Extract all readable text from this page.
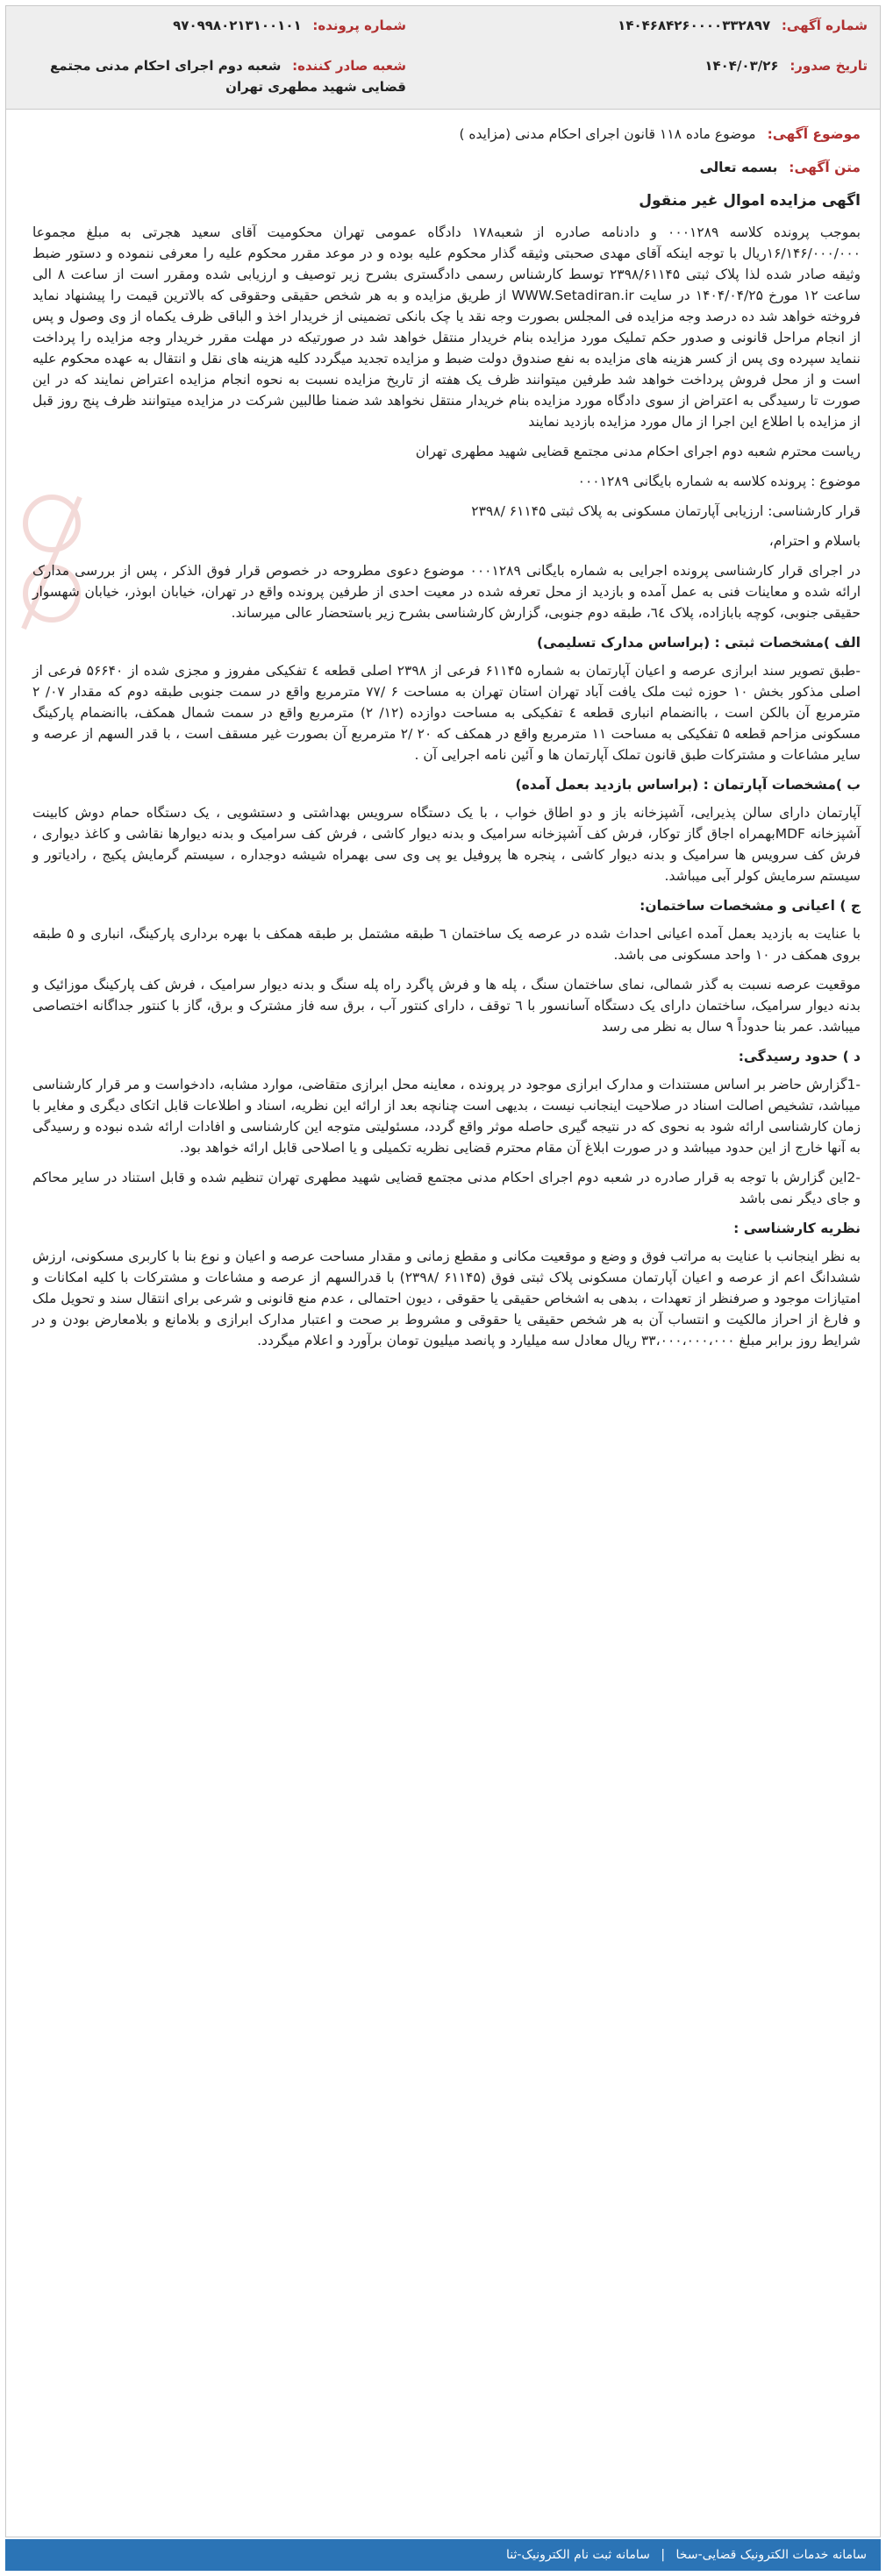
شماره آگهی: ۱۴۰۴۶۸۴۲۶۰۰۰۰۳۳۲۸۹۷
شماره پرونده: ۹۷۰۹۹۸۰۲۱۳۱۰۰۱۰۱
تاریخ صدور: ۱۴۰۴/۰۳/۲۶
شعبه صادر کننده: شعبه دوم اجرای احکام مدنی مجتمع قضایی شهید مطهری تهران
موضوع آگهی: موضوع ماده ۱۱۸ قانون اجرای احکام مدنی (مزایده )
متن آگهی: بسمه تعالی
اگهی مزایده اموال غیر منقول

بموجب پرونده کلاسه ۰۰۰۱۲۸۹ و دادنامه صادره از شعبه۱۷۸ دادگاه عمومی تهران محکومیت آقای سعید هجرتی به مبلغ مجموعا ۱۶/۱۴۶/۰۰۰/۰۰۰ریال با توجه اینکه آقای مهدی صحبتی وثیقه گذار محکوم علیه بوده و در موعد مقرر محکوم علیه را معرفی ننموده و دستور ضبط وثیقه صادر شده لذا پلاک ثبتی ۲۳۹۸/۶۱۱۴۵ توسط کارشناس رسمی دادگستری بشرح زیر توصیف و ارزیابی شده ومقرر است از ساعت ۸ الی ساعت ۱۲ مورخ ۱۴۰۴/۰۴/۲۵ در سایت WWW.Setadiran.ir از طریق مزایده و به هر شخص حقیقی وحقوقی که بالاترین قیمت را پیشنهاد نماید فروخته خواهد شد ده درصد وجه مزایده فی المجلس بصورت وجه نقد یا چک بانکی تضمینی از خریدار اخذ و الباقی ظرف یکماه از وی وصول و پس از انجام مراحل قانونی و صدور حکم تملیک مورد مزایده بنام خریدار منتقل خواهد شد در صورتیکه در مهلت مقرر خریدار وجه مزایده را پرداخت ننماید سپرده وی پس از کسر هزینه های مزایده به نفع صندوق دولت ضبط و مزایده تجدید میگردد کلیه هزینه های نقل و انتقال به عهده محکوم علیه است و از محل فروش پرداخت خواهد شد طرفین میتوانند ظرف یک هفته از تاریخ مزایده نسبت به نحوه انجام مزایده اعتراض نمایند که در این صورت تا رسیدگی به اعتراض از سوی دادگاه مورد مزایده بنام خریدار منتقل نخواهد شد ضمنا طالبین شرکت در مزایده میتوانند ظرف پنج روز قبل از مزایده با اطلاع این اجرا از مال مورد مزایده بازدید نمایند

ریاست محترم شعبه دوم اجرای احکام مدنی مجتمع قضایی شهید مطهری تهران

موضوع : پرونده کلاسه به شماره بایگانی ۰۰۰۱۲۸۹

قرار کارشناسی: ارزیابی آپارتمان مسکونی به پلاک ثبتی ۶۱۱۴۵ /۲۳۹۸

باسلام و احترام،

در اجرای قرار کارشناسی پرونده اجرایی به شماره بایگانی ۰۰۰۱۲۸۹ موضوع دعوی مطروحه در خصوص قرار فوق الذکر ، پس از بررسی مدارک ارائه شده و معاینات فنی به عمل آمده و بازدید از محل تعرفه شده در معیت احدی از طرفین پرونده واقع در تهران، خیابان ابوذر، خیابان شهسوار حقیقی جنوبی، کوچه بابازاده، پلاک ٦٤، طبقه دوم جنوبی، گزارش کارشناسی بشرح زیر باستحضار عالی میرساند.

الف )مشخصات ثبتی : (براساس مدارک تسلیمی)

-طبق تصویر سند ابرازی عرصه و اعیان آپارتمان به شماره ۶۱۱۴۵ فرعی از ۲۳۹۸ اصلی قطعه ٤ تفکیکی مفروز و مجزی شده از ۵۶۶۴۰ فرعی از اصلی مذکور بخش ۱۰ حوزه ثبت ملک یافت آباد تهران استان تهران به مساحت ۶ /۷۷ مترمربع واقع در سمت جنوبی طبقه دوم که مقدار ۰۷/ ۲ مترمربع آن بالکن است ، باانضمام انباری قطعه ٤ تفکیکی به مساحت دوازده (۱۲/ ۲) مترمربع واقع در سمت شمال همکف، باانضمام پارکینگ مسکونی مزاحم قطعه ۵ تفکیکی به مساحت ۱۱ مترمربع واقع در همکف که ۲۰ /۲ مترمربع آن بصورت غیر مسقف است ، با قدر السهم از عرصه و سایر مشاعات و مشترکات طبق قانون تملک آپارتمان ها و آئین نامه اجرایی آن .

ب )مشخصات آپارتمان : (براساس بازدید بعمل آمده)

آپارتمان دارای سالن پذیرایی، آشپزخانه باز و دو اطاق خواب ، با یک دستگاه سرویس بهداشتی و دستشویی ، یک دستگاه حمام دوش کابینت آشپزخانه MDFبهمراه اجاق گاز توکار، فرش کف آشپزخانه سرامیک و بدنه دیوار کاشی ، فرش کف سرامیک و بدنه دیوارها نقاشی و کاغذ دیواری ، فرش کف سرویس ها سرامیک و بدنه دیوار کاشی ، پنجره ها پروفیل یو پی وی سی بهمراه شیشه دوجداره ، سیستم گرمایش پکیج ، رادیاتور و سیستم سرمایش کولر آبی میباشد.

ج ) اعیانی و مشخصات ساختمان:

با عنایت به بازدید بعمل آمده اعیانی احداث شده در عرصه یک ساختمان ٦ طبقه مشتمل بر طبقه همکف با بهره برداری پارکینگ، انباری و ۵ طبقه بروی همکف در ۱۰ واحد مسکونی می باشد.

موقعیت عرصه نسبت به گذر شمالی، نمای ساختمان سنگ ، پله ها و فرش پاگرد راه پله سنگ و بدنه دیوار سرامیک ، فرش کف پارکینگ موزائیک و بدنه دیوار سرامیک، ساختمان دارای یک دستگاه آسانسور با ٦ توقف ، دارای کنتور آب ، برق سه فاز مشترک و برق، گاز با کنتور جداگانه اختصاصی میباشد. عمر بنا حدوداً ۹ سال به نظر می رسد

د ) حدود رسیدگی:

-1گزارش حاضر بر اساس مستندات و مدارک ابرازی موجود در پرونده ، معاینه محل ابرازی متقاضی، موارد مشابه، دادخواست و مر قرار کارشناسی میباشد، تشخیص اصالت اسناد در صلاحیت اینجانب نیست ، بدیهی است چنانچه بعد از ارائه این نظریه، اسناد و اطلاعات قابل اتکای دیگری و مغایر با زمان کارشناسی ارائه شود به نحوی که در نتیجه گیری حاصله موثر واقع گردد، مسئولیتی متوجه این کارشناسی و افادات ارائه شده نبوده و رسیدگی به آنها خارج از این حدود میباشد و در صورت ابلاغ آن مقام محترم قضایی نظریه تکمیلی و یا اصلاحی قابل ارائه خواهد بود.

-2این گزارش با توجه به قرار صادره در شعبه دوم اجرای احکام مدنی مجتمع قضایی شهید مطهری تهران تنظیم شده و قابل استناد در سایر محاکم و جای دیگر نمی باشد

نظریه کارشناسی :

به نظر اینجانب با عنایت به مراتب فوق و وضع و موقعیت مکانی و مقطع زمانی و مقدار مساحت عرصه و اعیان و نوع بنا با کاربری مسکونی، ارزش ششدانگ اعم از عرصه و اعیان آپارتمان مسکونی پلاک ثبتی فوق (۶۱۱۴۵ /۲۳۹۸) با قدرالسهم از عرصه و مشاعات و مشترکات با کلیه امکانات و امتیازات موجود و صرفنظر از تعهدات ، بدهی به اشخاص حقیقی یا حقوقی ، دیون احتمالی ، عدم منع قانونی و شرعی برای انتقال سند و تحویل ملک و فارغ از احراز مالکیت و انتساب آن به هر شخص حقیقی یا حقوقی و مشروط بر صحت و اعتبار مدارک ابرازی و بلامانع و بلامعارض بودن و در شرایط روز برابر مبلغ ۳۳،۰۰۰،۰۰۰،۰۰۰ ریال معادل سه میلیارد و پانصد میلیون تومان برآورد و اعلام میگردد.

سامانه خدمات الکترونیک قضایی-سخا | سامانه ثبت نام الکترونیک-ثنا
